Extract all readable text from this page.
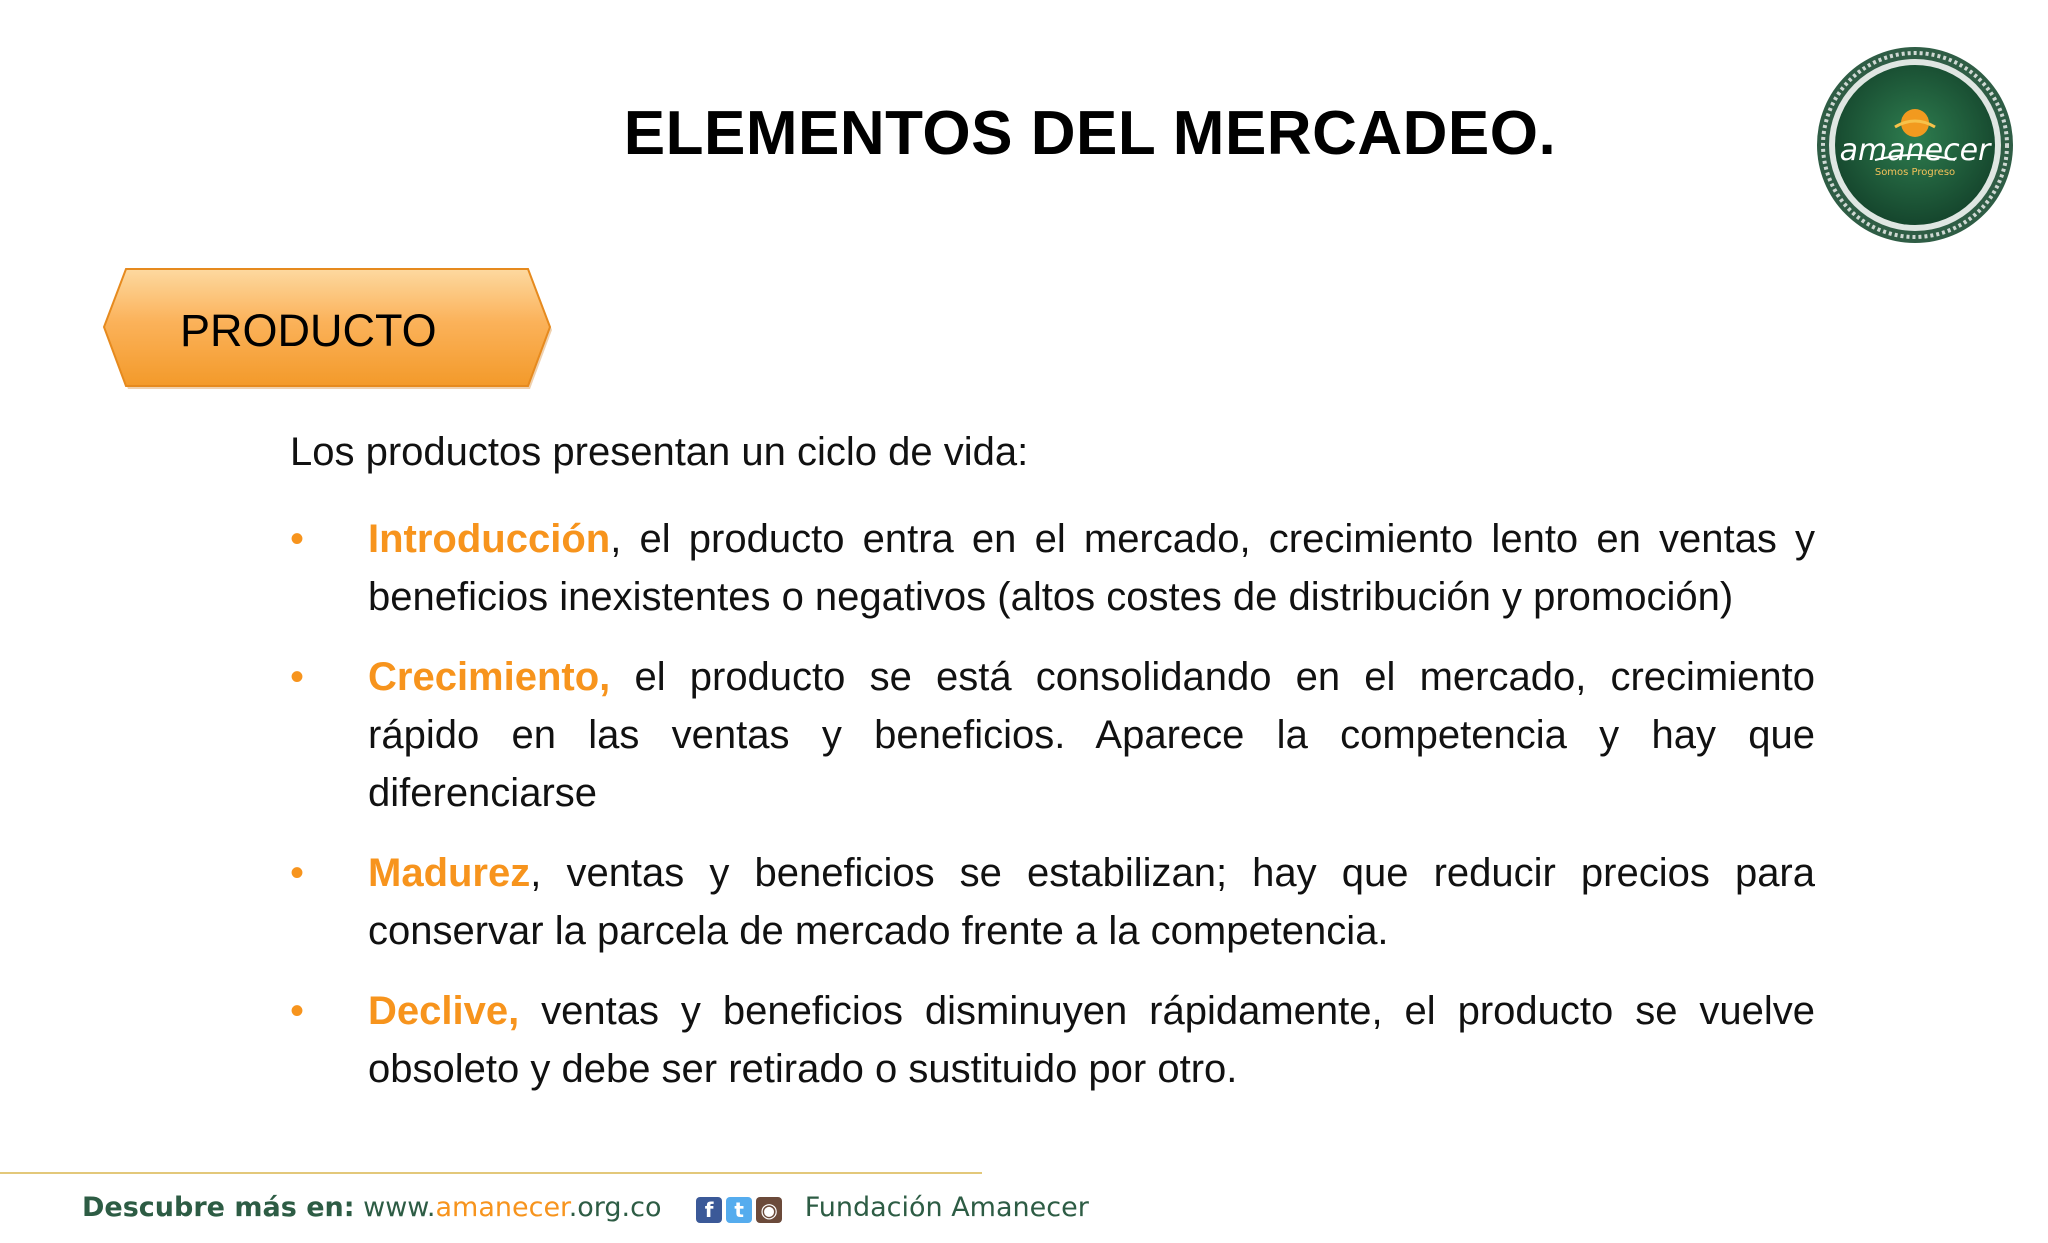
ELEMENTOS DEL MERCADEO.	amanecer
Somos Progreso
PRODUCTO
Los productos presentan un ciclo de vida:
• Introducción, el producto entra en el mercado, crecimiento lento en ventas y beneficios inexistentes o negativos (altos costes de distribución y promoción)
• Crecimiento, el producto se está consolidando en el mercado, crecimiento rápido en las ventas y beneficios. Aparece la competencia y hay que diferenciarse
• Madurez, ventas y beneficios se estabilizan; hay que reducir precios para conservar la parcela de mercado frente a la competencia.
• Declive, ventas y beneficios disminuyen rápidamente, el producto se vuelve obsoleto y debe ser retirado o sustituido por otro.
Descubre más en: www.amanecer.org.co f t ◉ Fundación Amanecer
